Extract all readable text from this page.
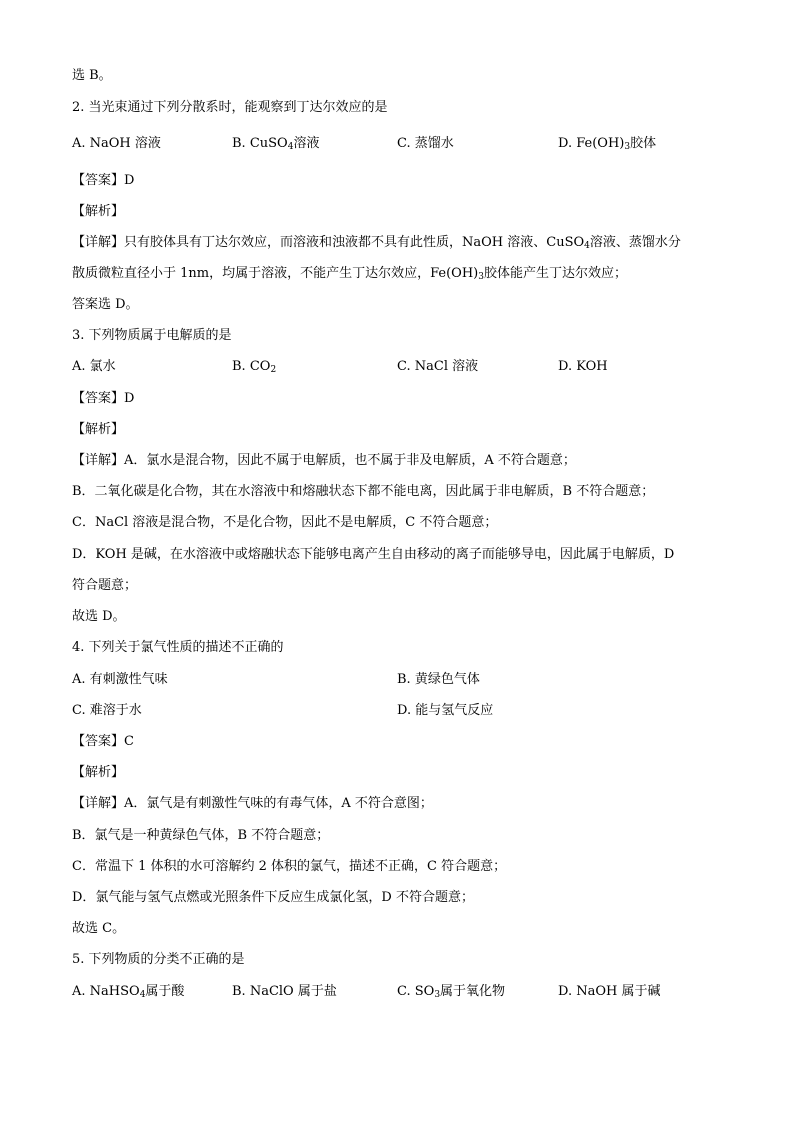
选 B。
2. 当光束通过下列分散系时，能观察到丁达尔效应的是
A. NaOH 溶液	B. CuSO$_4$溶液	C. 蒸馏水	D. $Fe(OH)_3$胶体
【答案】D
【解析】
【详解】只有胶体具有丁达尔效应，而溶液和浊液都不具有此性质，NaOH 溶液、CuSO$_4$溶液、蒸馏水分
散质微粒直径小于 1nm，均属于溶液，不能产生丁达尔效应，$Fe(OH)_3$胶体能产生丁达尔效应；
答案选 D。
3. 下列物质属于电解质的是
A. 氯水	B. $CO_2$	C. NaCl 溶液	D. KOH
【答案】D
【解析】
【详解】A．氯水是混合物，因此不属于电解质，也不属于非及电解质，A 不符合题意；
B．二氧化碳是化合物，其在水溶液中和熔融状态下都不能电离，因此属于非电解质，B 不符合题意；
C．NaCl 溶液是混合物，不是化合物，因此不是电解质，C 不符合题意；
D．KOH 是碱，在水溶液中或熔融状态下能够电离产生自由移动的离子而能够导电，因此属于电解质，D
符合题意；
故选 D。
4. 下列关于氯气性质的描述不正确的
A. 有刺激性气味	B. 黄绿色气体
C. 难溶于水	D. 能与氢气反应
【答案】C
【解析】
【详解】A．氯气是有刺激性气味的有毒气体，A 不符合意图；
B．氯气是一种黄绿色气体，B 不符合题意；
C．常温下 1 体积的水可溶解约 2 体积的氯气，描述不正确，C 符合题意；
D．氯气能与氢气点燃或光照条件下反应生成氯化氢，D 不符合题意；
故选 C。
5. 下列物质的分类不正确的是
A. NaHSO$_4$属于酸	B. NaClO 属于盐	C. $SO_3$属于氧化物	D. NaOH 属于碱
